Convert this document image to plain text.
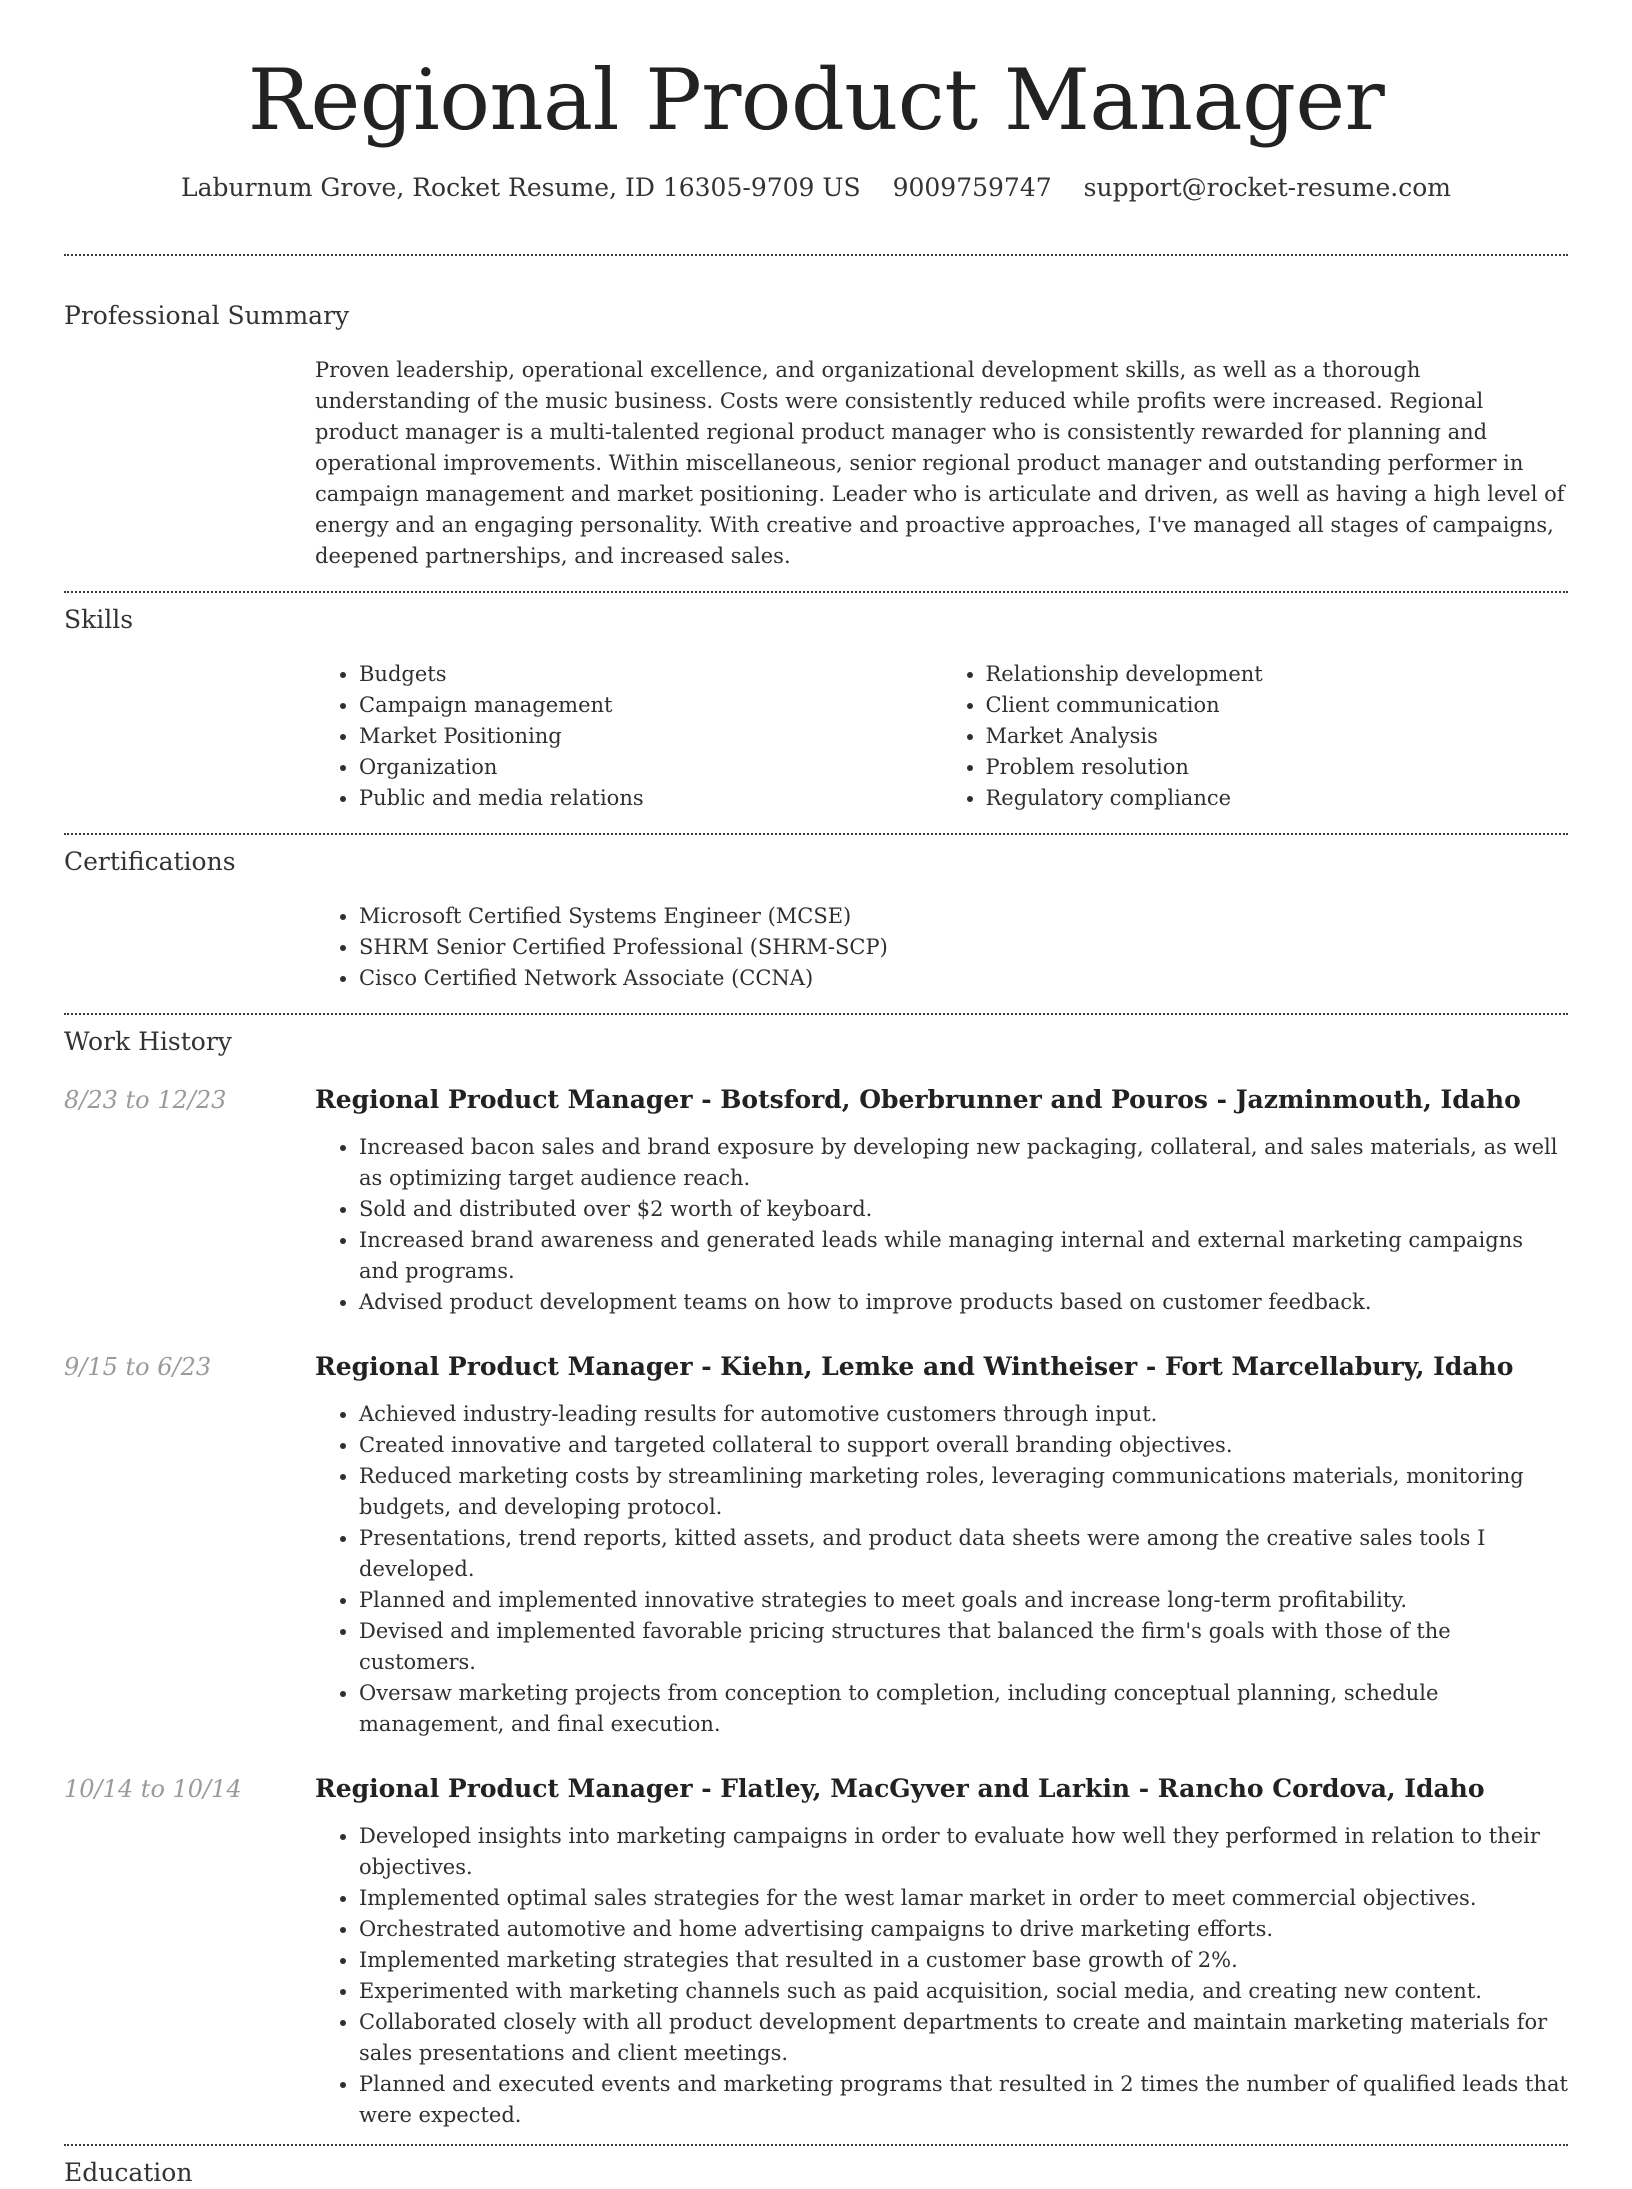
Regional Product Manager
Laburnum Grove, Rocket Resume, ID 16305-9709 US 9009759747 support@rocket-resume.com
Professional Summary

Proven leadership, operational excellence, and organizational development skills, as well as a thorough understanding of the music business. Costs were consistently reduced while profits were increased. Regional product manager is a multi-talented regional product manager who is consistently rewarded for planning and operational improvements. Within miscellaneous, senior regional product manager and outstanding performer in campaign management and market positioning. Leader who is articulate and driven, as well as having a high level of energy and an engaging personality. With creative and proactive approaches, I've managed all stages of campaigns, deepened partnerships, and increased sales.

Skills
• Budgets
• Campaign management
• Market Positioning
• Organization
• Public and media relations
• Relationship development
• Client communication
• Market Analysis
• Problem resolution
• Regulatory compliance
Certifications
• Microsoft Certified Systems Engineer (MCSE)
• SHRM Senior Certified Professional (SHRM-SCP)
• Cisco Certified Network Associate (CCNA)
Work History
8/23 to 12/23	Regional Product Manager - Botsford, Oberbrunner and Pouros - Jazminmouth, Idaho
• Increased bacon sales and brand exposure by developing new packaging, collateral, and sales materials, as well as optimizing target audience reach.
• Sold and distributed over $2 worth of keyboard.
• Increased brand awareness and generated leads while managing internal and external marketing campaigns and programs.
• Advised product development teams on how to improve products based on customer feedback.
9/15 to 6/23	Regional Product Manager - Kiehn, Lemke and Wintheiser - Fort Marcellabury, Idaho
• Achieved industry-leading results for automotive customers through input.
• Created innovative and targeted collateral to support overall branding objectives.
• Reduced marketing costs by streamlining marketing roles, leveraging communications materials, monitoring budgets, and developing protocol.
• Presentations, trend reports, kitted assets, and product data sheets were among the creative sales tools I developed.
• Planned and implemented innovative strategies to meet goals and increase long-term profitability.
• Devised and implemented favorable pricing structures that balanced the firm's goals with those of the customers.
• Oversaw marketing projects from conception to completion, including conceptual planning, schedule management, and final execution.
10/14 to 10/14	Regional Product Manager - Flatley, MacGyver and Larkin - Rancho Cordova, Idaho
• Developed insights into marketing campaigns in order to evaluate how well they performed in relation to their objectives.
• Implemented optimal sales strategies for the west lamar market in order to meet commercial objectives.
• Orchestrated automotive and home advertising campaigns to drive marketing efforts.
• Implemented marketing strategies that resulted in a customer base growth of 2%.
• Experimented with marketing channels such as paid acquisition, social media, and creating new content.
• Collaborated closely with all product development departments to create and maintain marketing materials for sales presentations and client meetings.
• Planned and executed events and marketing programs that resulted in 2 times the number of qualified leads that were expected.
Education
